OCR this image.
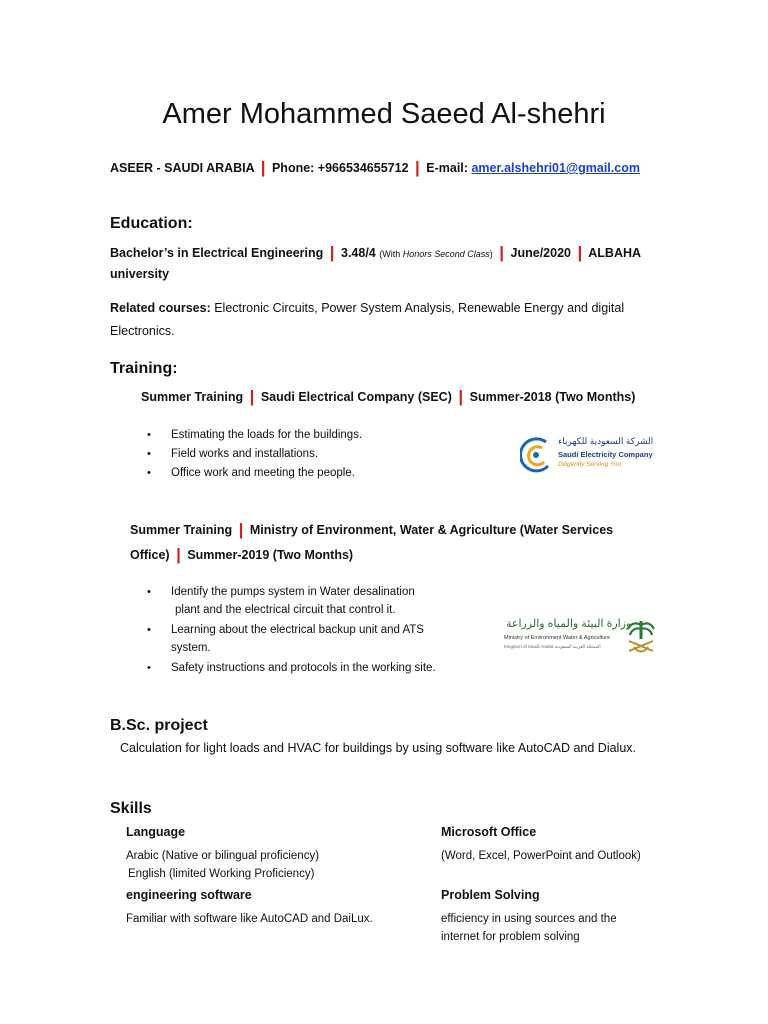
Amer Mohammed Saeed Al-shehri
ASEER - SAUDI ARABIA | Phone: +966534655712 | E-mail: amer.alshehri01@gmail.com
Education:
Bachelor’s in Electrical Engineering | 3.48/4 (With Honors Second Class) | June/2020 | ALBAHA
university
Related courses: Electronic Circuits, Power System Analysis, Renewable Energy and digital
Electronics.
Training:
Summer Training | Saudi Electrical Company (SEC) | Summer-2018 (Two Months)
• Estimating the loads for the buildings.
• Field works and installations.
• Office work and meeting the people.
الشركة السعودية للكهرباء
Saudi Electricity Company
Diligently Serving You
Summer Training | Ministry of Environment, Water & Agriculture (Water Services
Office) | Summer-2019 (Two Months)
• Identify the pumps system in Water desalination
plant and the electrical circuit that control it.
• Learning about the electrical backup unit and ATS
system.
• Safety instructions and protocols in the working site.
وزارة البيئة والمياه والزراعة
Ministry of Environment Water & Agriculture
Kingdom of Saudi Arabia المملكة العربية السعودية
B.Sc. project
Calculation for light loads and HVAC for buildings by using software like AutoCAD and Dialux.
Skills
Language
Arabic (Native or bilingual proficiency)
English (limited Working Proficiency)
Microsoft Office
(Word, Excel, PowerPoint and Outlook)
engineering software
Familiar with software like AutoCAD and DaiLux.
Problem Solving
efficiency in using sources and the
internet for problem solving
